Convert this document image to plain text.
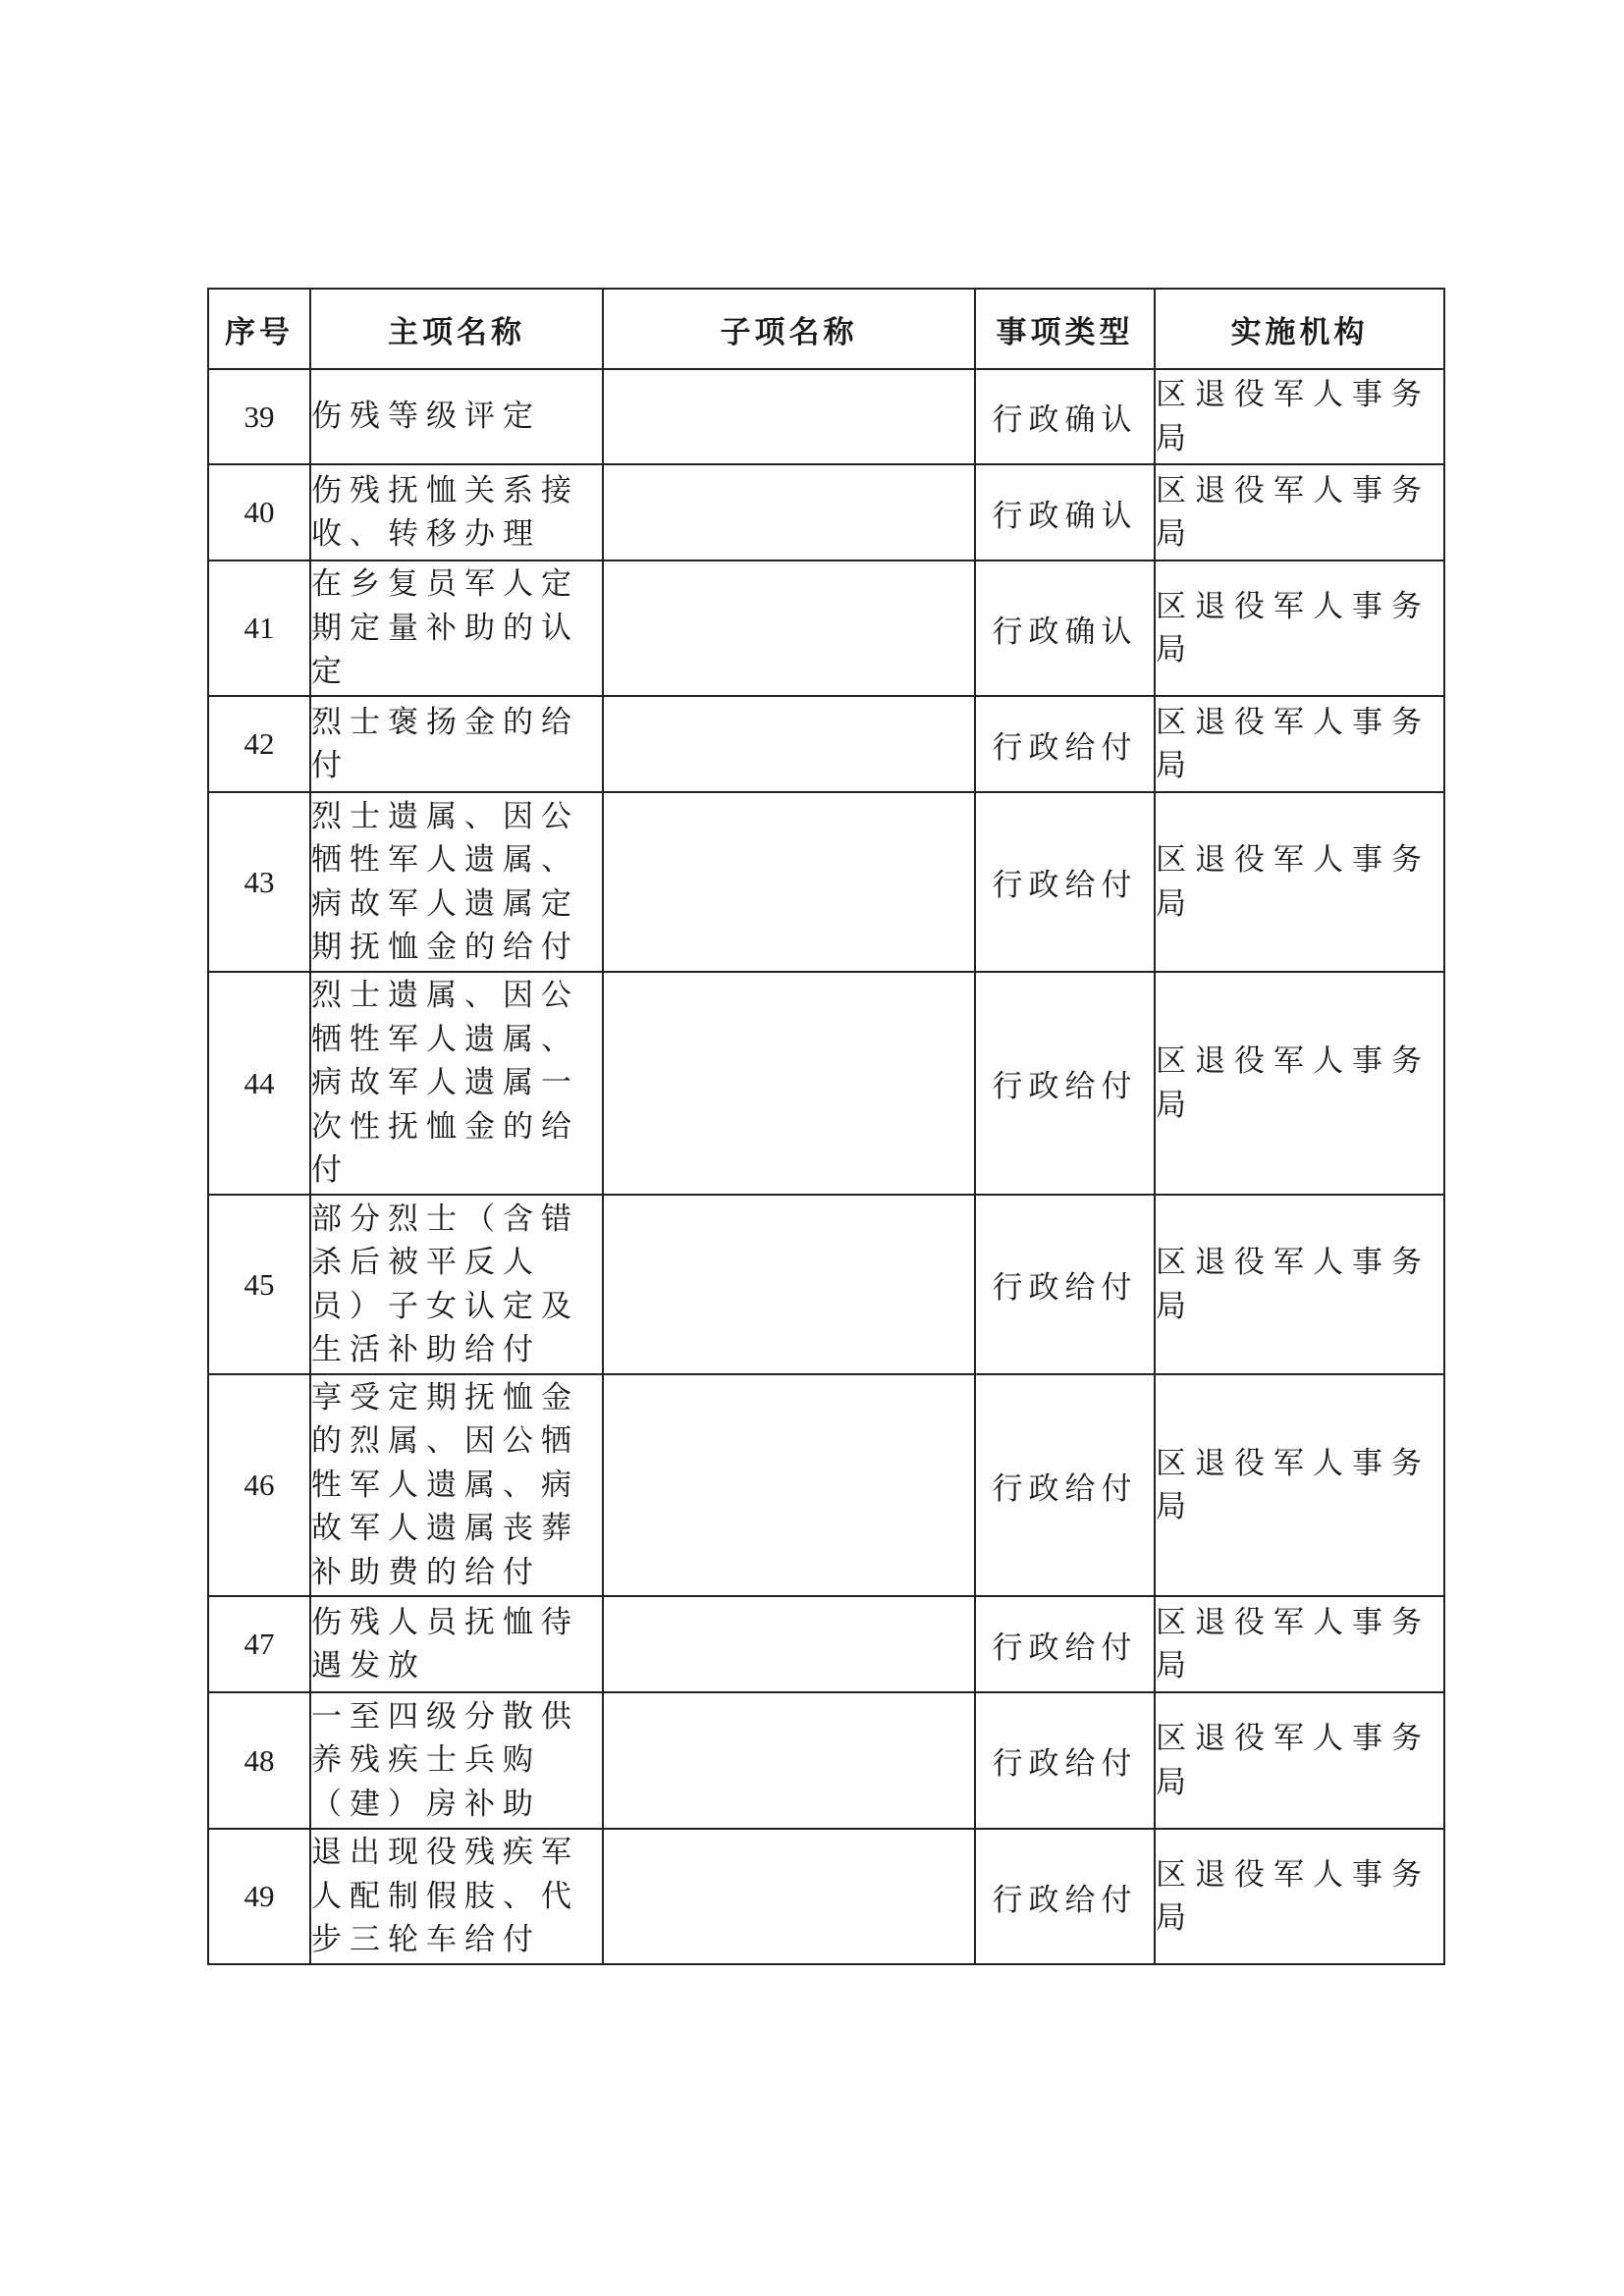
序号	主项名称	子项名称	事项类型	实施机构
39	伤残等级评定		行政确认	区退役军人事务局

40	伤残抚恤关系接收、转移办理		行政确认	区退役军人事务局

41	在乡复员军人定期定量补助的认定		行政确认	区退役军人事务局

42	烈士褒扬金的给付		行政给付	区退役军人事务局

43	烈士遗属、因公牺牲军人遗属、病故军人遗属定期抚恤金的给付		行政给付	区退役军人事务局

44	烈士遗属、因公牺牲军人遗属、病故军人遗属一次性抚恤金的给付		行政给付	区退役军人事务局

45	部分烈士（含错杀后被平反人员）子女认定及生活补助给付		行政给付	区退役军人事务局

46	享受定期抚恤金的烈属、因公牺牲军人遗属、病故军人遗属丧葬补助费的给付		行政给付	区退役军人事务局

47	伤残人员抚恤待遇发放		行政给付	区退役军人事务局

48	一至四级分散供养残疾士兵购（建）房补助		行政给付	区退役军人事务局

49	退出现役残疾军人配制假肢、代步三轮车给付		行政给付	区退役军人事务局
